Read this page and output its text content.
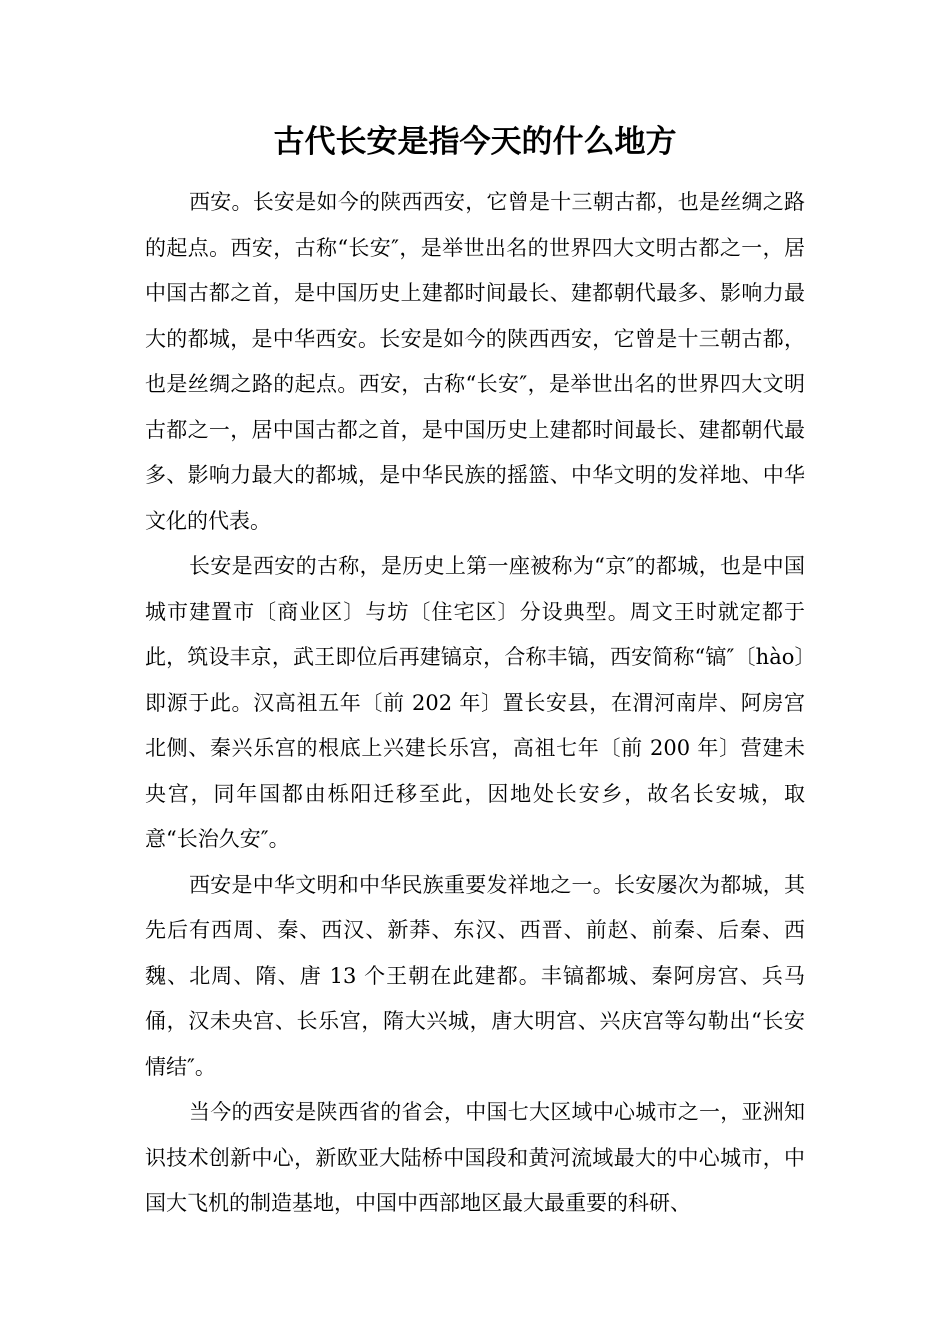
古代长安是指今天的什么地方

西安。长安是如今的陕西西安，它曾是十三朝古都，也是丝绸之路的起点。西安，古称“长安″，是举世出名的世界四大文明古都之一，居中国古都之首，是中国历史上建都时间最长、建都朝代最多、影响力最大的都城，是中华西安。长安是如今的陕西西安，它曾是十三朝古都，也是丝绸之路的起点。西安，古称“长安″，是举世出名的世界四大文明古都之一，居中国古都之首，是中国历史上建都时间最长、建都朝代最多、影响力最大的都城，是中华民族的摇篮、中华文明的发祥地、中华文化的代表。

长安是西安的古称，是历史上第一座被称为“京″的都城，也是中国城市建置市〔商业区〕与坊〔住宅区〕分设典型。周文王时就定都于此，筑设丰京，武王即位后再建镐京，合称丰镐，西安简称“镐″〔hào〕即源于此。汉高祖五年〔前 202 年〕置长安县，在渭河南岸、阿房宫北侧、秦兴乐宫的根底上兴建长乐宫，高祖七年〔前 200 年〕营建未央宫，同年国都由栎阳迁移至此，因地处长安乡，故名长安城，取意“长治久安″。

西安是中华文明和中华民族重要发祥地之一。长安屡次为都城，其先后有西周、秦、西汉、新莽、东汉、西晋、前赵、前秦、后秦、西魏、北周、隋、唐 13 个王朝在此建都。丰镐都城、秦阿房宫、兵马俑，汉未央宫、长乐宫，隋大兴城，唐大明宫、兴庆宫等勾勒出“长安情结″。

当今的西安是陕西省的省会，中国七大区域中心城市之一，亚洲知识技术创新中心，新欧亚大陆桥中国段和黄河流域最大的中心城市，中国大飞机的制造基地，中国中西部地区最大最重要的科研、
